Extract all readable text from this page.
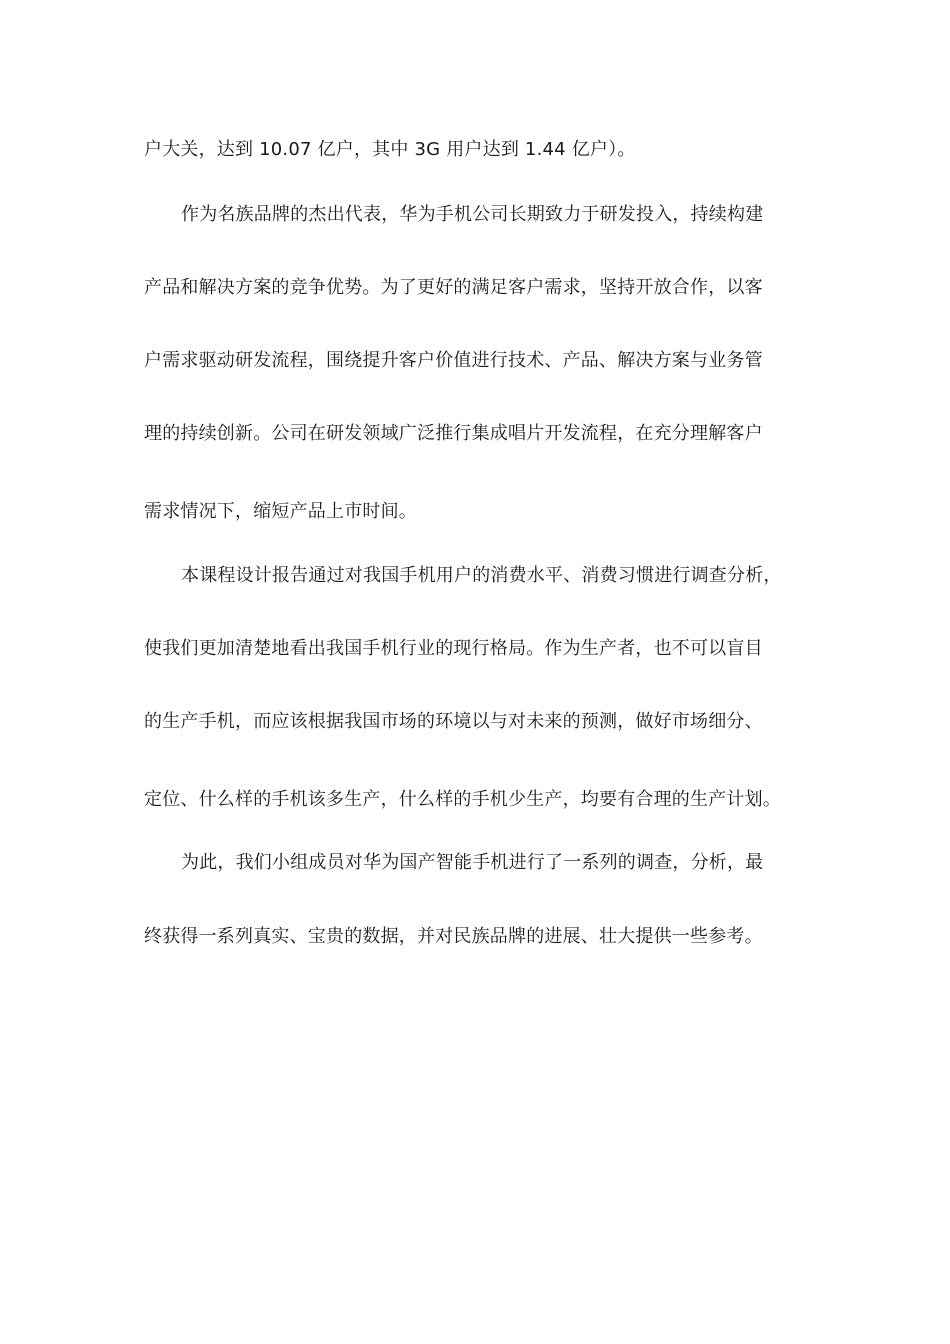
户大关，达到 10.07 亿户，其中 3G 用户达到 1.44 亿户）。
作为名族品牌的杰出代表，华为手机公司长期致力于研发投入，持续构建
产品和解决方案的竞争优势。为了更好的满足客户需求，坚持开放合作，以客
户需求驱动研发流程，围绕提升客户价值进行技术、产品、解决方案与业务管
理的持续创新。公司在研发领域广泛推行集成唱片开发流程，在充分理解客户
需求情况下，缩短产品上市时间。
本课程设计报告通过对我国手机用户的消费水平、消费习惯进行调查分析，
使我们更加清楚地看出我国手机行业的现行格局。作为生产者，也不可以盲目
的生产手机，而应该根据我国市场的环境以与对未来的预测，做好市场细分、
定位、什么样的手机该多生产，什么样的手机少生产，均要有合理的生产计划。
为此，我们小组成员对华为国产智能手机进行了一系列的调查，分析，最
终获得一系列真实、宝贵的数据，并对民族品牌的进展、壮大提供一些参考。
